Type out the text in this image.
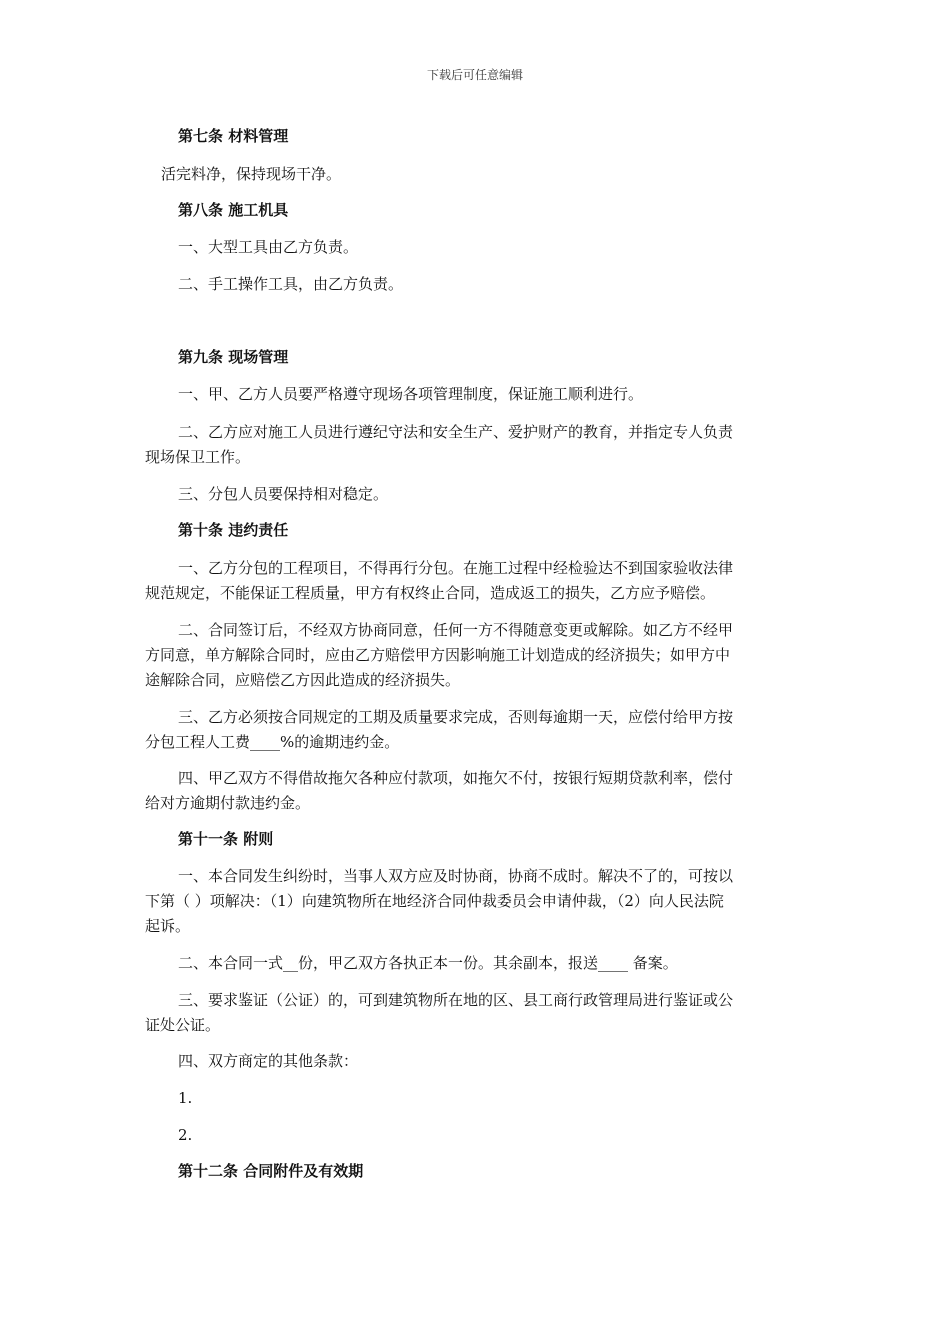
下载后可任意编辑
第七条 材料管理
活完料净，保持现场干净。
第八条 施工机具
一、大型工具由乙方负责。
二、手工操作工具，由乙方负责。
第九条 现场管理
一、甲、乙方人员要严格遵守现场各项管理制度，保证施工顺利进行。
二、乙方应对施工人员进行遵纪守法和安全生产、爱护财产的教育，并指定专人负责
现场保卫工作。
三、分包人员要保持相对稳定。
第十条 违约责任
一、乙方分包的工程项目，不得再行分包。在施工过程中经检验达不到国家验收法律
规范规定，不能保证工程质量，甲方有权终止合同，造成返工的损失，乙方应予赔偿。
二、合同签订后，不经双方协商同意，任何一方不得随意变更或解除。如乙方不经甲
方同意，单方解除合同时，应由乙方赔偿甲方因影响施工计划造成的经济损失；如甲方中
途解除合同，应赔偿乙方因此造成的经济损失。
三、乙方必须按合同规定的工期及质量要求完成，否则每逾期一天，应偿付给甲方按
分包工程人工费____%的逾期违约金。
四、甲乙双方不得借故拖欠各种应付款项，如拖欠不付，按银行短期贷款利率，偿付
给对方逾期付款违约金。
第十一条 附则
一、本合同发生纠纷时，当事人双方应及时协商，协商不成时。解决不了的，可按以
下第（ ）项解决：（1）向建筑物所在地经济合同仲裁委员会申请仲裁，（2）向人民法院
起诉。
二、本合同一式__份，甲乙双方各执正本一份。其余副本，报送____ 备案。
三、要求鉴证（公证）的，可到建筑物所在地的区、县工商行政管理局进行鉴证或公
证处公证。
四、双方商定的其他条款：
1.
2.
第十二条 合同附件及有效期
